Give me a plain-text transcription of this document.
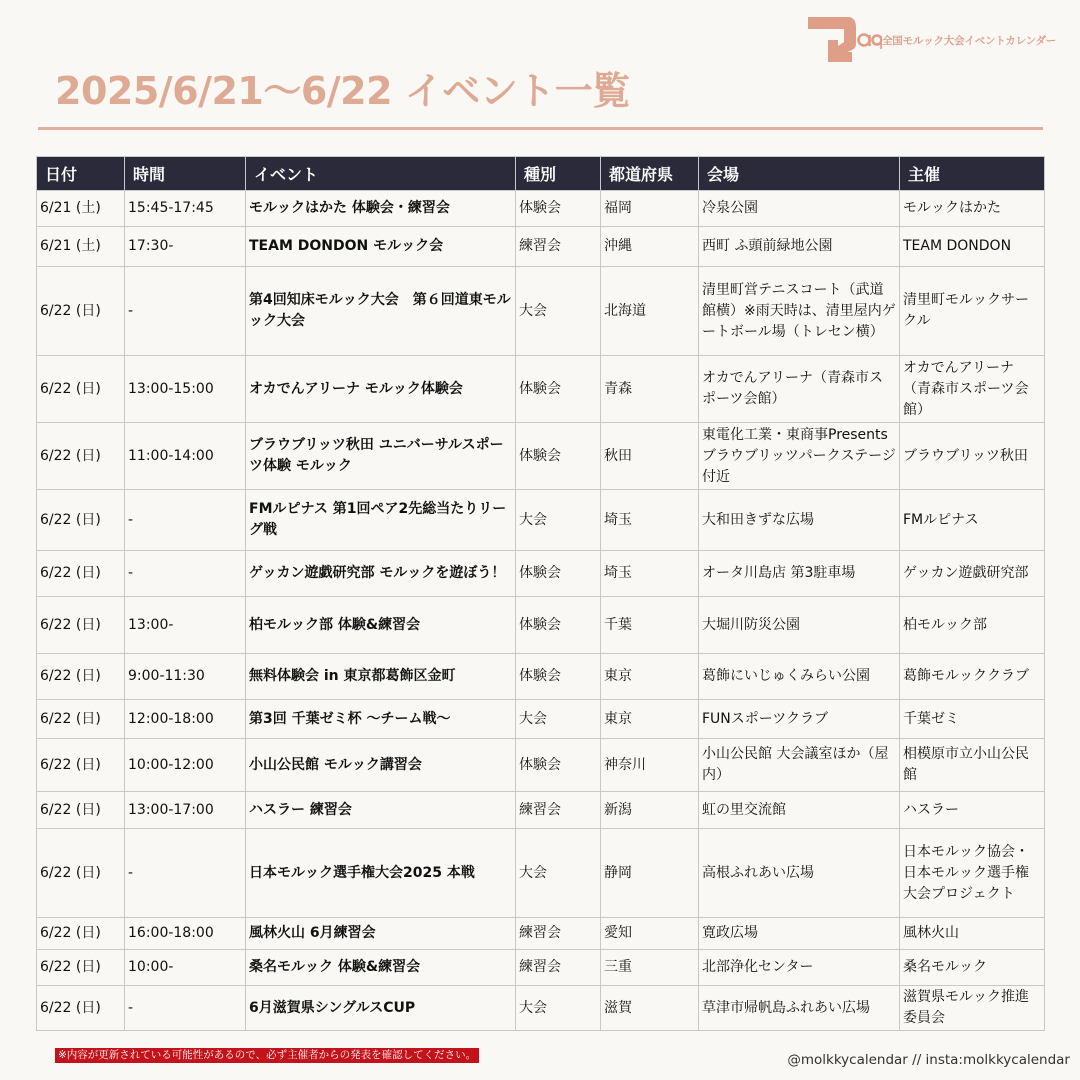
全国モルック大会イベントカレンダー
2025/6/21〜6/22 イベント一覧
日付	時間	イベント	種別	都道府県	会場	主催
6/21 (土)	15:45-17:45	モルックはかた 体験会・練習会	体験会	福岡	冷泉公園	モルックはかた
6/21 (土)	17:30-	TEAM DONDON モルック会	練習会	沖縄	西町 ふ頭前緑地公園	TEAM DONDON
6/22 (日)	-	第4回知床モルック大会　第６回道東モルック大会	大会	北海道	清里町営テニスコート（武道館横）※雨天時は、清里屋内ゲートボール場（トレセン横）	清里町モルックサークル
6/22 (日)	13:00-15:00	オカでんアリーナ モルック体験会	体験会	青森	オカでんアリーナ（青森市スポーツ会館）	オカでんアリーナ（青森市スポーツ会館）
6/22 (日)	11:00-14:00	ブラウブリッツ秋田 ユニバーサルスポーツ体験 モルック	体験会	秋田	東電化工業・東商事Presentsブラウブリッツパークステージ付近	ブラウブリッツ秋田
6/22 (日)	-	FMルピナス 第1回ペア2先総当たりリーグ戦	大会	埼玉	大和田きずな広場	FMルピナス
6/22 (日)	-	ゲッカン遊戯研究部 モルックを遊ぼう！	体験会	埼玉	オータ川島店 第3駐車場	ゲッカン遊戯研究部
6/22 (日)	13:00-	柏モルック部 体験&練習会	体験会	千葉	大堀川防災公園	柏モルック部
6/22 (日)	9:00-11:30	無料体験会 in 東京都葛飾区金町	体験会	東京	葛飾にいじゅくみらい公園	葛飾モルッククラブ
6/22 (日)	12:00-18:00	第3回 千葉ゼミ杯 〜チーム戦〜	大会	東京	FUNスポーツクラブ	千葉ゼミ
6/22 (日)	10:00-12:00	小山公民館 モルック講習会	体験会	神奈川	小山公民館 大会議室ほか（屋内）	相模原市立小山公民館
6/22 (日)	13:00-17:00	ハスラー 練習会	練習会	新潟	虹の里交流館	ハスラー
6/22 (日)	-	日本モルック選手権大会2025 本戦	大会	静岡	高根ふれあい広場	日本モルック協会・日本モルック選手権大会プロジェクト
6/22 (日)	16:00-18:00	風林火山 6月練習会	練習会	愛知	寛政広場	風林火山
6/22 (日)	10:00-	桑名モルック 体験&練習会	練習会	三重	北部浄化センター	桑名モルック
6/22 (日)	-	6月滋賀県シングルスCUP	大会	滋賀	草津市帰帆島ふれあい広場	滋賀県モルック推進委員会
※内容が更新されている可能性があるので、必ず主催者からの発表を確認してください。	@molkkycalendar // insta:molkkycalendar
